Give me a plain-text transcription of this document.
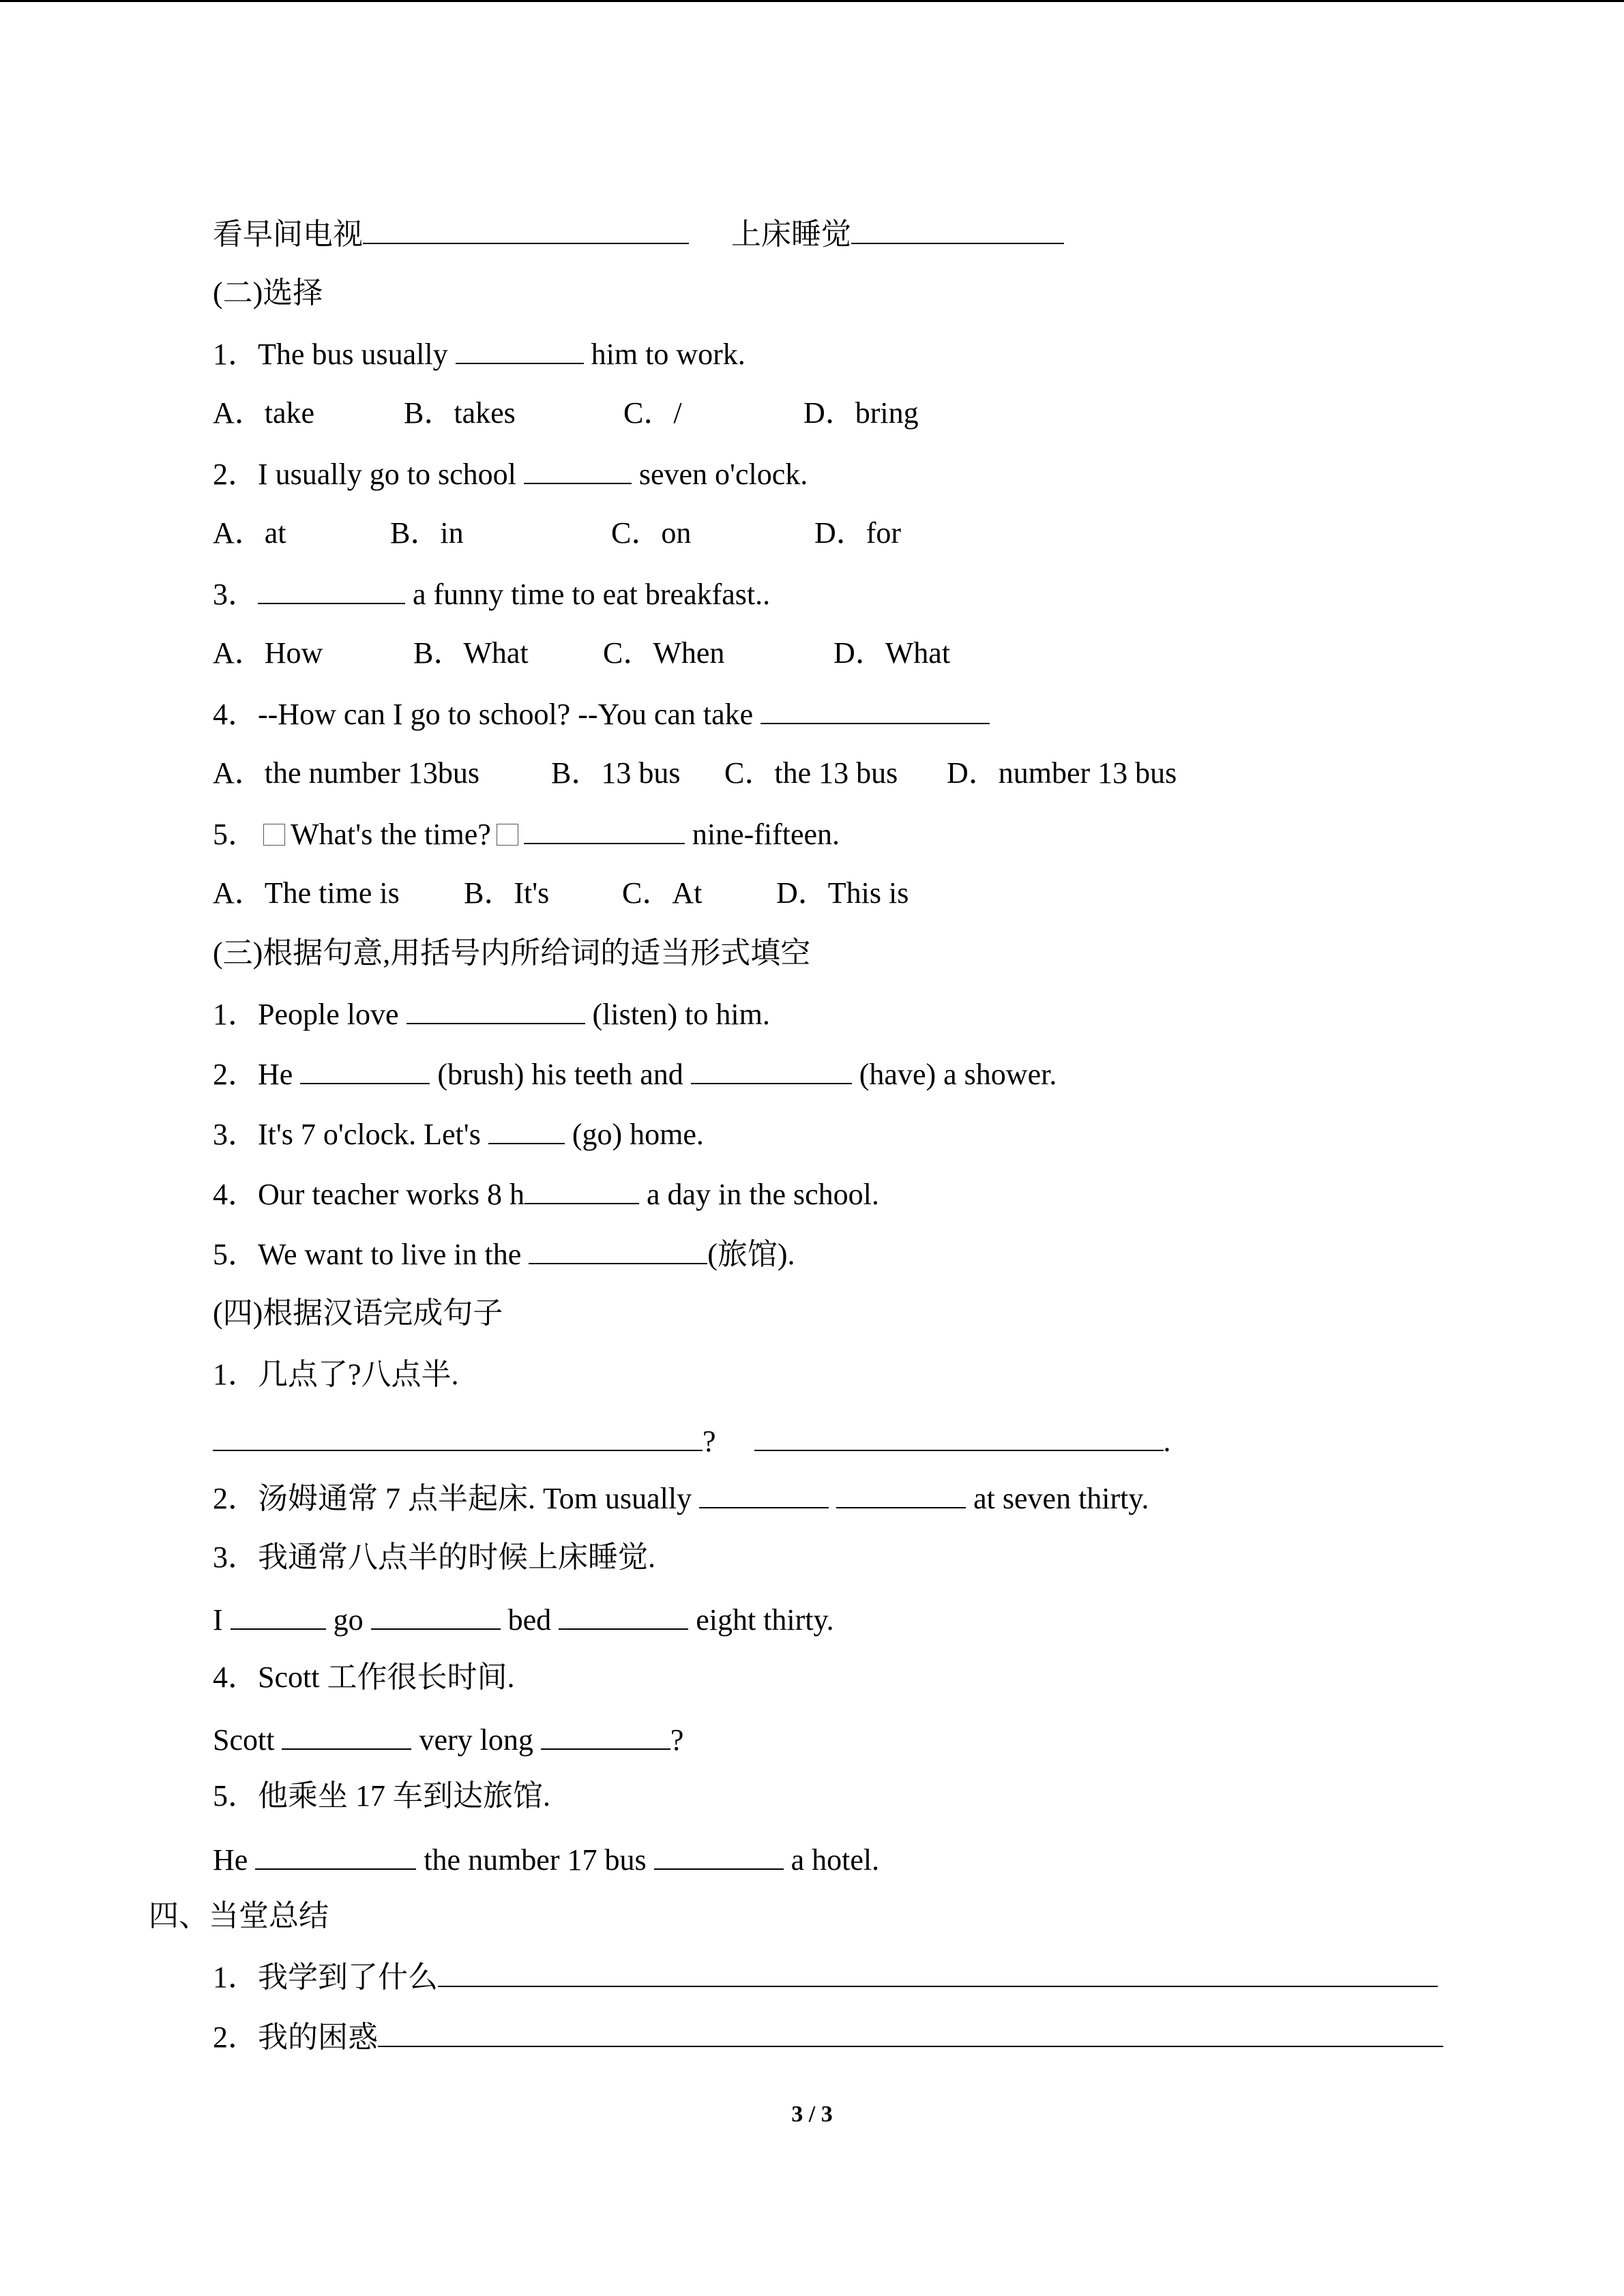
看早间电视	上床睡觉
(二)选择
1．The bus usually	him to work.
A．take	B．takes	C．/	D．bring
2．I usually go to school	seven o'clock.
A．at	B．in	C．on	D．for
3．	a funny time to eat breakfast..
A．How	B．What C．When	D．What
4．--How can I go to school? --You can take
A．the number 13bus B．13 bus C．the 13 bus D．number 13 bus
5． What's the time?	nine-fifteen.
A．The time is B．It's C．At D．This is
(三)根据句意,用括号内所给词的适当形式填空
1．People love	(listen) to him.
2．He	(brush) his teeth and	(have) a shower.
3．It's 7 o'clock. Let's	(go) home.
4．Our teacher works 8 h	a day in the school.
5．We want to live in the	(旅馆).
(四)根据汉语完成句子
1．几点了?八点半.
?	.
2．汤姆通常 7 点半起床. Tom usually	at seven thirty.
3．我通常八点半的时候上床睡觉.
I	go	bed	eight thirty.
4．Scott 工作很长时间.
Scott	very long	?
5．他乘坐 17 车到达旅馆.
He	the number 17 bus	a hotel.
四、当堂总结
1．我学到了什么
2．我的困惑
3 / 3
